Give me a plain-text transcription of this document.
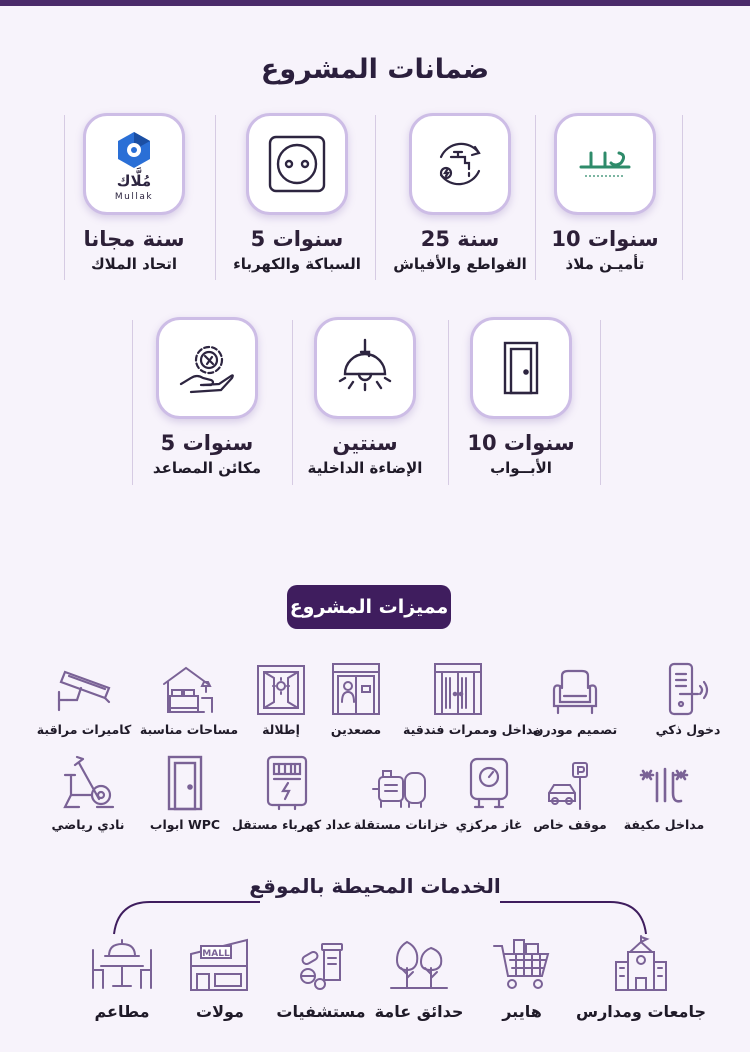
ضمانات المشروع
10 سنوات
تأميـن ملاذ
25 سنة
القواطع والأفياش
5 سنوات
السباكة والكهرباء
مُلَّاك
Mullak
سنة مجانا
اتحاد الملاك
10 سنوات
الأبــواب
سنتين
الإضاءة الداخلية
5 سنوات
مكائن المصاعد
مميزات المشروع
دخول ذكي
تصميم مودرن
مداخل وممرات فندقية
مصعدين
إطلالة
مساحات مناسبة
كاميرات مراقبة
مداخل مكيفة
موقف خاص
غاز مركزي
خزانات مستقلة
عداد كهرباء مستقل
ابواب WPC
نادي رياضي
الخدمات المحيطة بالموقع
جامعات ومدارس
هايبر
حدائق عامة
مستشفيات
MALL
مولات
مطاعم
